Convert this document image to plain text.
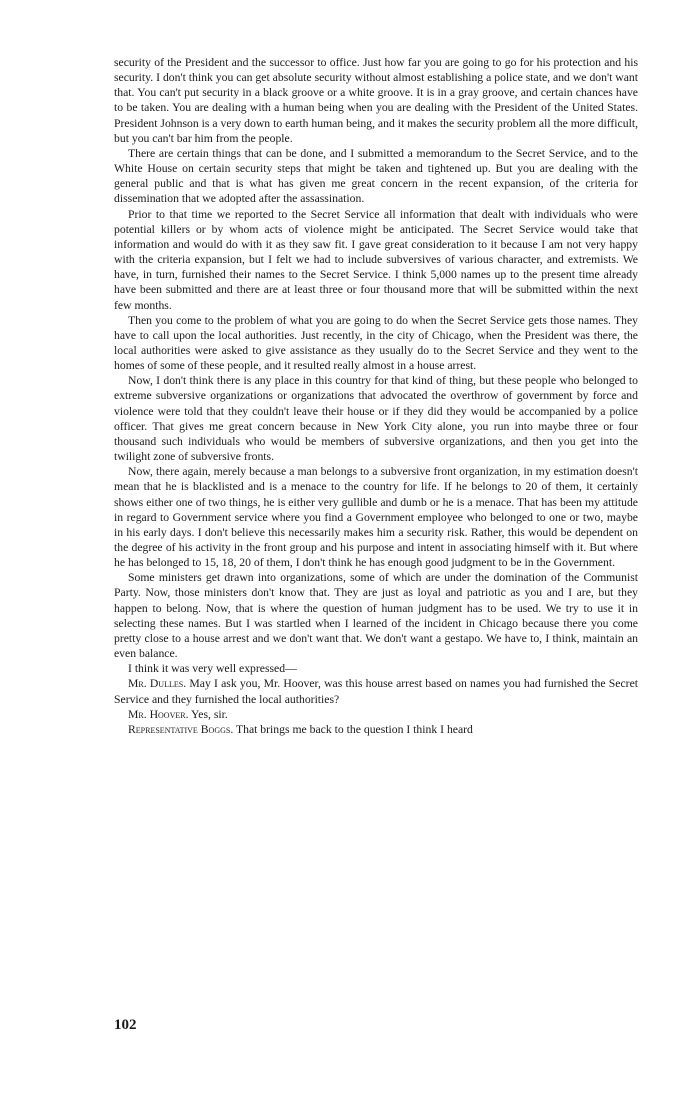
security of the President and the successor to office. Just how far you are going to go for his protection and his security. I don't think you can get absolute security without almost establishing a police state, and we don't want that. You can't put security in a black groove or a white groove. It is in a gray groove, and certain chances have to be taken. You are dealing with a human being when you are dealing with the President of the United States. President Johnson is a very down to earth human being, and it makes the security problem all the more difficult, but you can't bar him from the people.

There are certain things that can be done, and I submitted a memorandum to the Secret Service, and to the White House on certain security steps that might be taken and tightened up. But you are dealing with the general public and that is what has given me great concern in the recent expansion, of the criteria for dissemination that we adopted after the assassination.

Prior to that time we reported to the Secret Service all information that dealt with individuals who were potential killers or by whom acts of violence might be anticipated. The Secret Service would take that information and would do with it as they saw fit. I gave great consideration to it because I am not very happy with the criteria expansion, but I felt we had to include subversives of various character, and extremists. We have, in turn, furnished their names to the Secret Service. I think 5,000 names up to the present time already have been submitted and there are at least three or four thousand more that will be submitted within the next few months.

Then you come to the problem of what you are going to do when the Secret Service gets those names. They have to call upon the local authorities. Just recently, in the city of Chicago, when the President was there, the local authorities were asked to give assistance as they usually do to the Secret Service and they went to the homes of some of these people, and it resulted really almost in a house arrest.

Now, I don't think there is any place in this country for that kind of thing, but these people who belonged to extreme subversive organizations or organizations that advocated the overthrow of government by force and violence were told that they couldn't leave their house or if they did they would be accompanied by a police officer. That gives me great concern because in New York City alone, you run into maybe three or four thousand such individuals who would be members of subversive organizations, and then you get into the twilight zone of subversive fronts.

Now, there again, merely because a man belongs to a subversive front organization, in my estimation doesn't mean that he is blacklisted and is a menace to the country for life. If he belongs to 20 of them, it certainly shows either one of two things, he is either very gullible and dumb or he is a menace. That has been my attitude in regard to Government service where you find a Government employee who belonged to one or two, maybe in his early days. I don't believe this necessarily makes him a security risk. Rather, this would be dependent on the degree of his activity in the front group and his purpose and intent in associating himself with it. But where he has belonged to 15, 18, 20 of them, I don't think he has enough good judgment to be in the Government.

Some ministers get drawn into organizations, some of which are under the domination of the Communist Party. Now, those ministers don't know that. They are just as loyal and patriotic as you and I are, but they happen to belong. Now, that is where the question of human judgment has to be used. We try to use it in selecting these names. But I was startled when I learned of the incident in Chicago because there you come pretty close to a house arrest and we don't want that. We don't want a gestapo. We have to, I think, maintain an even balance.

I think it was very well expressed—

Mr. Dulles. May I ask you, Mr. Hoover, was this house arrest based on names you had furnished the Secret Service and they furnished the local authorities?

Mr. Hoover. Yes, sir.

Representative Boggs. That brings me back to the question I think I heard

102
